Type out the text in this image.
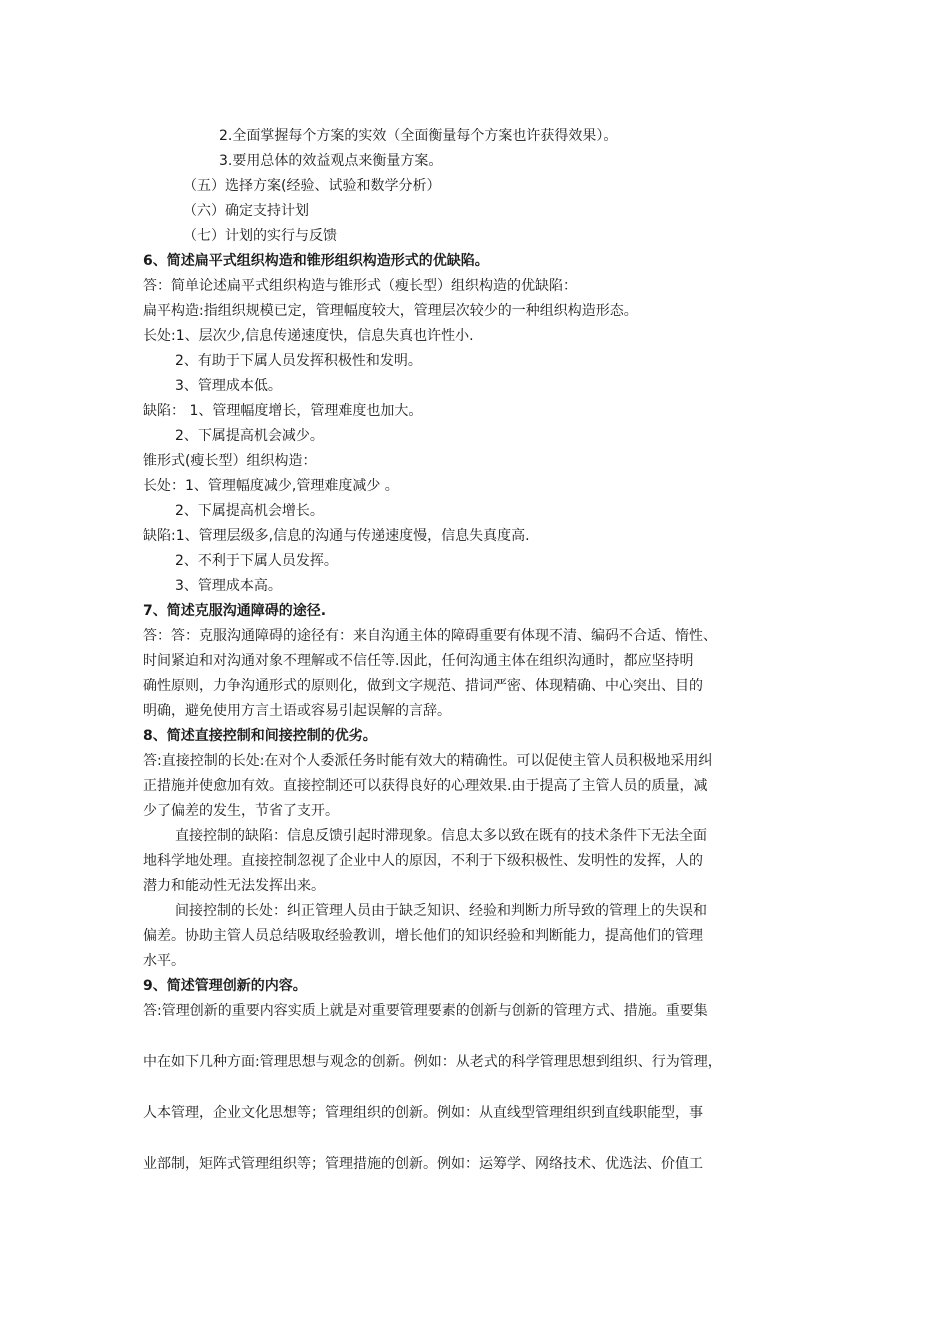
2.全面掌握每个方案的实效（全面衡量每个方案也许获得效果）。
3.要用总体的效益观点来衡量方案。
（五）选择方案(经验、试验和数学分析）
（六）确定支持计划
（七）计划的实行与反馈
6、简述扁平式组织构造和锥形组织构造形式的优缺陷。
答：简单论述扁平式组织构造与锥形式（瘦长型）组织构造的优缺陷：
扁平构造:指组织规模已定，管理幅度较大，管理层次较少的一种组织构造形态。
长处:1、层次少,信息传递速度快，信息失真也许性小.
2、有助于下属人员发挥积极性和发明。
3、管理成本低。
缺陷： 1、管理幅度增长，管理难度也加大。
2、下属提高机会减少。
锥形式(瘦长型）组织构造：
长处：1、管理幅度减少,管理难度减少 。
2、下属提高机会增长。
缺陷:1、管理层级多,信息的沟通与传递速度慢，信息失真度高.
2、不利于下属人员发挥。
3、管理成本高。
7、简述克服沟通障碍的途径.
答：答：克服沟通障碍的途径有：来自沟通主体的障碍重要有体现不清、编码不合适、惰性、
时间紧迫和对沟通对象不理解或不信任等.因此，任何沟通主体在组织沟通时，都应坚持明
确性原则，力争沟通形式的原则化，做到文字规范、措词严密、体现精确、中心突出、目的
明确，避免使用方言土语或容易引起误解的言辞。
8、简述直接控制和间接控制的优劣。
答:直接控制的长处:在对个人委派任务时能有效大的精确性。可以促使主管人员积极地采用纠
正措施并使愈加有效。直接控制还可以获得良好的心理效果.由于提高了主管人员的质量，减
少了偏差的发生，节省了支开。
直接控制的缺陷：信息反馈引起时滞现象。信息太多以致在既有的技术条件下无法全面
地科学地处理。直接控制忽视了企业中人的原因，不利于下级积极性、发明性的发挥，人的
潜力和能动性无法发挥出来。
间接控制的长处：纠正管理人员由于缺乏知识、经验和判断力所导致的管理上的失误和
偏差。协助主管人员总结吸取经验教训，增长他们的知识经验和判断能力，提高他们的管理
水平。
9、简述管理创新的内容。
答:管理创新的重要内容实质上就是对重要管理要素的创新与创新的管理方式、措施。重要集
中在如下几种方面:管理思想与观念的创新。例如：从老式的科学管理思想到组织、行为管理，
人本管理，企业文化思想等；管理组织的创新。例如：从直线型管理组织到直线职能型，事
业部制，矩阵式管理组织等；管理措施的创新。例如：运筹学、网络技术、优选法、价值工
